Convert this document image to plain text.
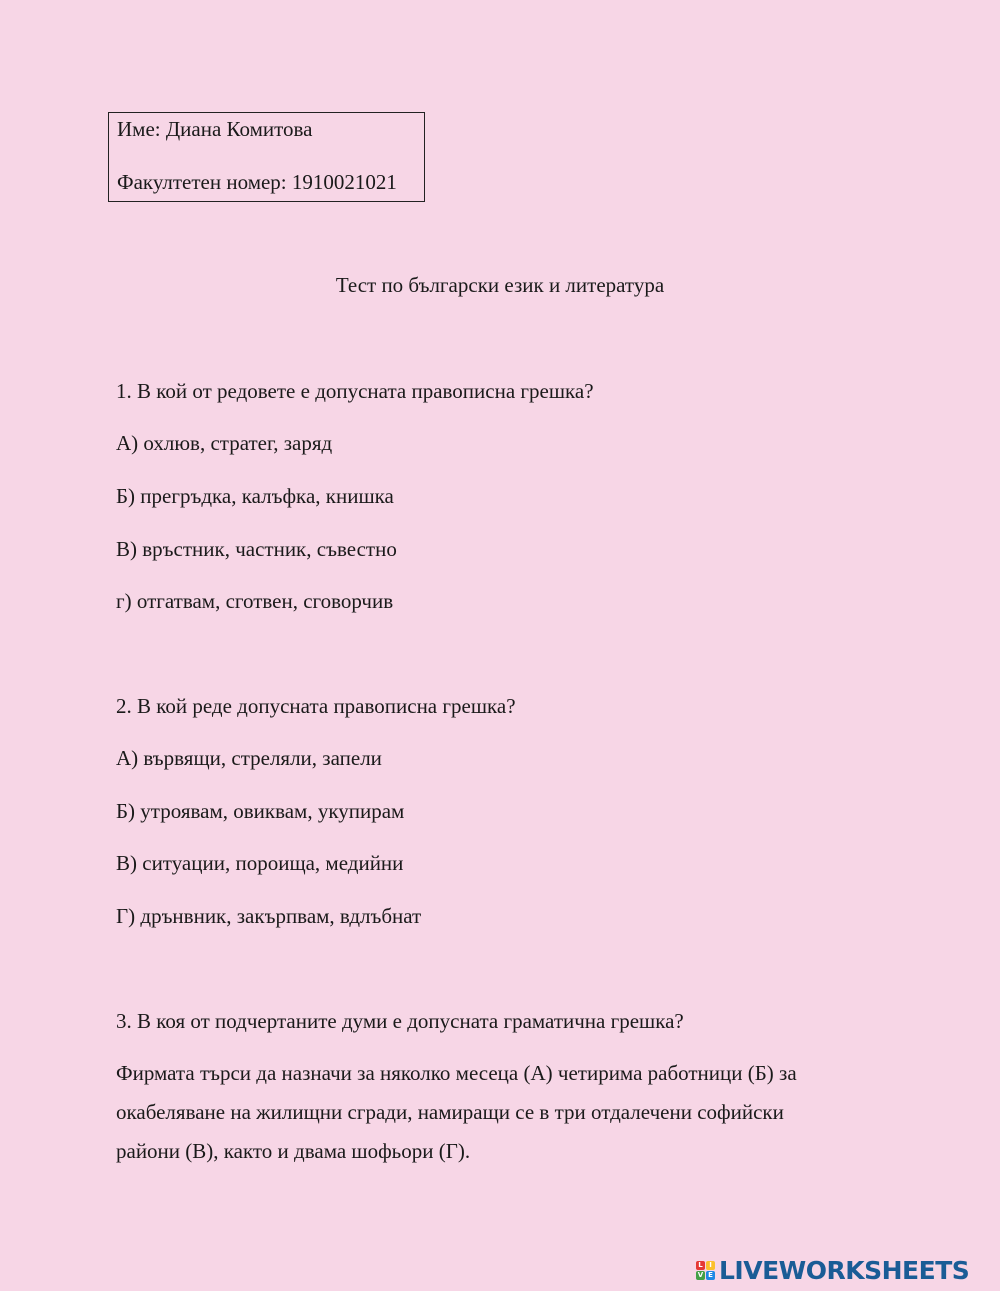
Име: Диана Комитова
Факултетен номер: 1910021021
Тест по български език и литература
1. В кой от редовете е допусната правописна грешка?
А) охлюв, стратег, заряд
Б) прегръдка, калъфка, книшка
В) връстник, частник, съвестно
г) отгатвам, сготвен, сговорчив
2. В кой реде допусната правописна грешка?
А) вървящи, стреляли, запели
Б) утроявам, овиквам, укупирам
В) ситуации, пороища, медийни
Г) дрънвник, закърпвам, вдлъбнат
3. В коя от подчертаните думи е допусната граматична грешка?
Фирмата търси да назначи за няколко месеца (А) четирима работници (Б) за
окабеляване на жилищни сгради, намиращи се в три отдалечени софийски
райони (В), както и двама шофьори (Г).
L I
V E LIVEWORKSHEETS
